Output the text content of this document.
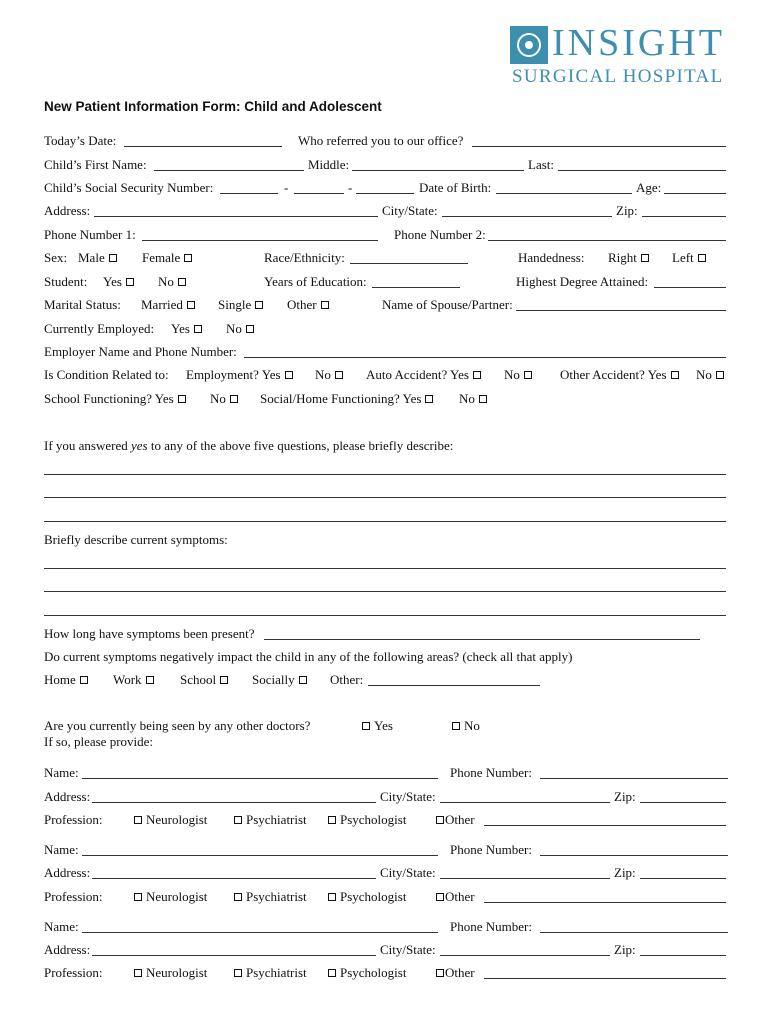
INSIGHT
SURGICAL HOSPITAL
New Patient Information Form: Child and Adolescent
Today’s Date:	Who referred you to our office?
Child’s First Name:	Middle:	Last:
Child’s Social Security Number:	-	-	Date of Birth:	Age:
Address:	City/State:	Zip:
Phone Number 1:	Phone Number 2:
Sex: Male	Female	Race/Ethnicity:	Handedness: Right	Left
Student: Yes	No	Years of Education:	Highest Degree Attained:
Marital Status: Married	Single	Other	Name of Spouse/Partner:
Currently Employed: Yes	No
Employer Name and Phone Number:
Is Condition Related to: Employment? Yes	No	Auto Accident? Yes	No	Other Accident? Yes	No
School Functioning? Yes	No	Social/Home Functioning? Yes	No
If you answered yes to any of the above five questions, please briefly describe:
Briefly describe current symptoms:
How long have symptoms been present?
Do current symptoms negatively impact the child in any of the following areas? (check all that apply)
Home	Work	School	Socially	Other:
Are you currently being seen by any other doctors?	Yes	No
If so, please provide:
Name:	Phone Number:
Address:	City/State:	Zip:
Profession:	Neurologist	Psychiatrist	Psychologist	Other
Name:	Phone Number:
Address:	City/State:	Zip:
Profession:	Neurologist	Psychiatrist	Psychologist	Other
Name:	Phone Number:
Address:	City/State:	Zip:
Profession:	Neurologist	Psychiatrist	Psychologist	Other
